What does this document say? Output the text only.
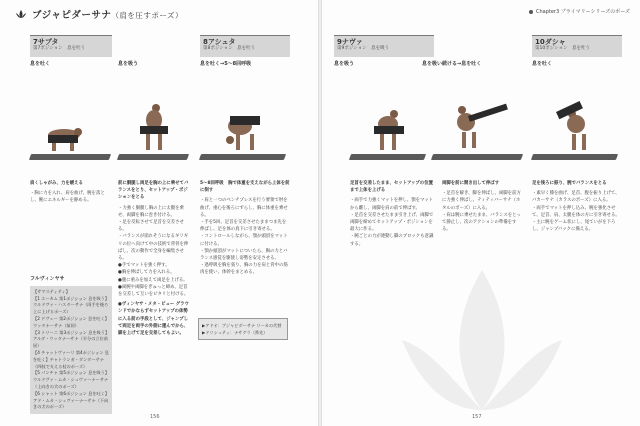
ブジャピダーサナ（肩を圧すポーズ）
7サプタ
第7ポジション　息を吐う
息を吐く	息を吸う
8アシュタ
第8ポジション　息を吐う
息を吐く→5～8回呼吸
肩くしゃがみ、力を緩える
・胸に力を入れ、肩を曲げ、腕を落とし、腕にエネルギーを静める。
前に胴腿し両足を胸の上に乗せてバランスをとり、セットアップ・ポジションをとる
・力強く胴腿し胸の上に太腿を乗せ、両脚を胸に巻き付ける。
・足を反転させて足首を交差させる。
・バランスが崩れそうになるギリギリの位へ向けて中の技術で背骨を伸ばし、次の動作で全身を編集させる。
●手でマットを強く押す。
●胸を伸ばして力を入れる。
●腹に重みを加えて両足を上げる。
●両腕や両脚をぎゅっと締め、足首を交差して互いをピタリと付ける。
●ヴィンヤサ・メタ・ビュー グラウンドでかならずセットアップの体勢に入る前の手段として、ジャンプして両足を両手の外側に運んでから、脚を上げて足を交差してもよい。
5～8回呼吸　胸で体重を支えながら上体を前に倒す
・肩と一つのベンチプレスを行う要領で肘を曲げ、重心を後ろにずらし、胸に体重を乗せる。
・手を5回、足首を交差させたままつま先を伸ばし、足を体の真下に引き寄せる。
・コントロールしながら、顎か頭頂をマットに付ける。
・顎か頭頂がマットについたら、胸の力とバランス感覚を駆使し姿勢を安定させる。
・過呼吸を胸を張り、胸の力を肩と背中の筋肉を使い、体幹をまとめる。
フルヴィンヤサ
【サマスティティ】
【1 エーカム 第1ポジション 息を吸う】ウルドヴァ・ハスターサナ（両手を後ろ上に上げるポーズ）
【2 ドヴェー 第2ポジション 息を吐く】ウッタナーサナ（前屈）
【3 トリーニ 第3ポジション 息を吸う】アルダ・ウッタナーサナ（半分の立位前屈）
【4 チャットヴァーリ 第4ポジション 息を吐く】チャトランガ・ダンダーサナ（四肢で支える杖のポーズ）
【5 パンチャ 第5ポジション 息を吸う】ウルドヴァ・ムカ・シュヴァーナーサナ（上向きの犬のポーズ）
【6 シャット 第6ポジション 息を吐く】アド・ムカ・シュヴァーナーサナ（下向きの犬のポーズ）
▶アドオ：ブジャピダーサナ リーカの代替
▶ドリシュティ：ナサグラ（鼻先）
156
Chapter3 プライマリーシリーズのポーズ
9ナヴァ
第9ポジション　息を吸う
息を吸う	息を吸い続ける→息を吐く
10ダシャ
第10ポジション　息を吐う
息を吐く
足首を交差したまま、セットアップの位置まで上体を上げる
・両手で力強くマットを押し、顎をマットから離し、両脚を肩の前で伸ばす。
・足首を交差させたまま引き上げ、両脚で両脚を締めてセットアップ・ポジションを最大に作る。
・腕ごとの力が連動し脚のブロックも意識する。
両脚を前に開き出して伸ばす
・足首を解き、脚を伸ばし、両脚を前方に力強く伸ばし、ティティバーサナ（ホタルのポーズ）に入る。
・肩は腕に乗せたまま、バランスをとって静止し、次のアクションの準備をする。
足を後ろに振り、腕でバランスをとる
・素早く膝を曲げ、足首、腹を振り上げて、バカーサナ（カラスのポーズ）に入る。
・両手でマットを押し込み、腕を強化させて、足首、肩、太腿を体の方に引き寄せる。
・主に腕をゲーム状にし、尾ていがを下ろし、ジャンプバックに備える。
157
